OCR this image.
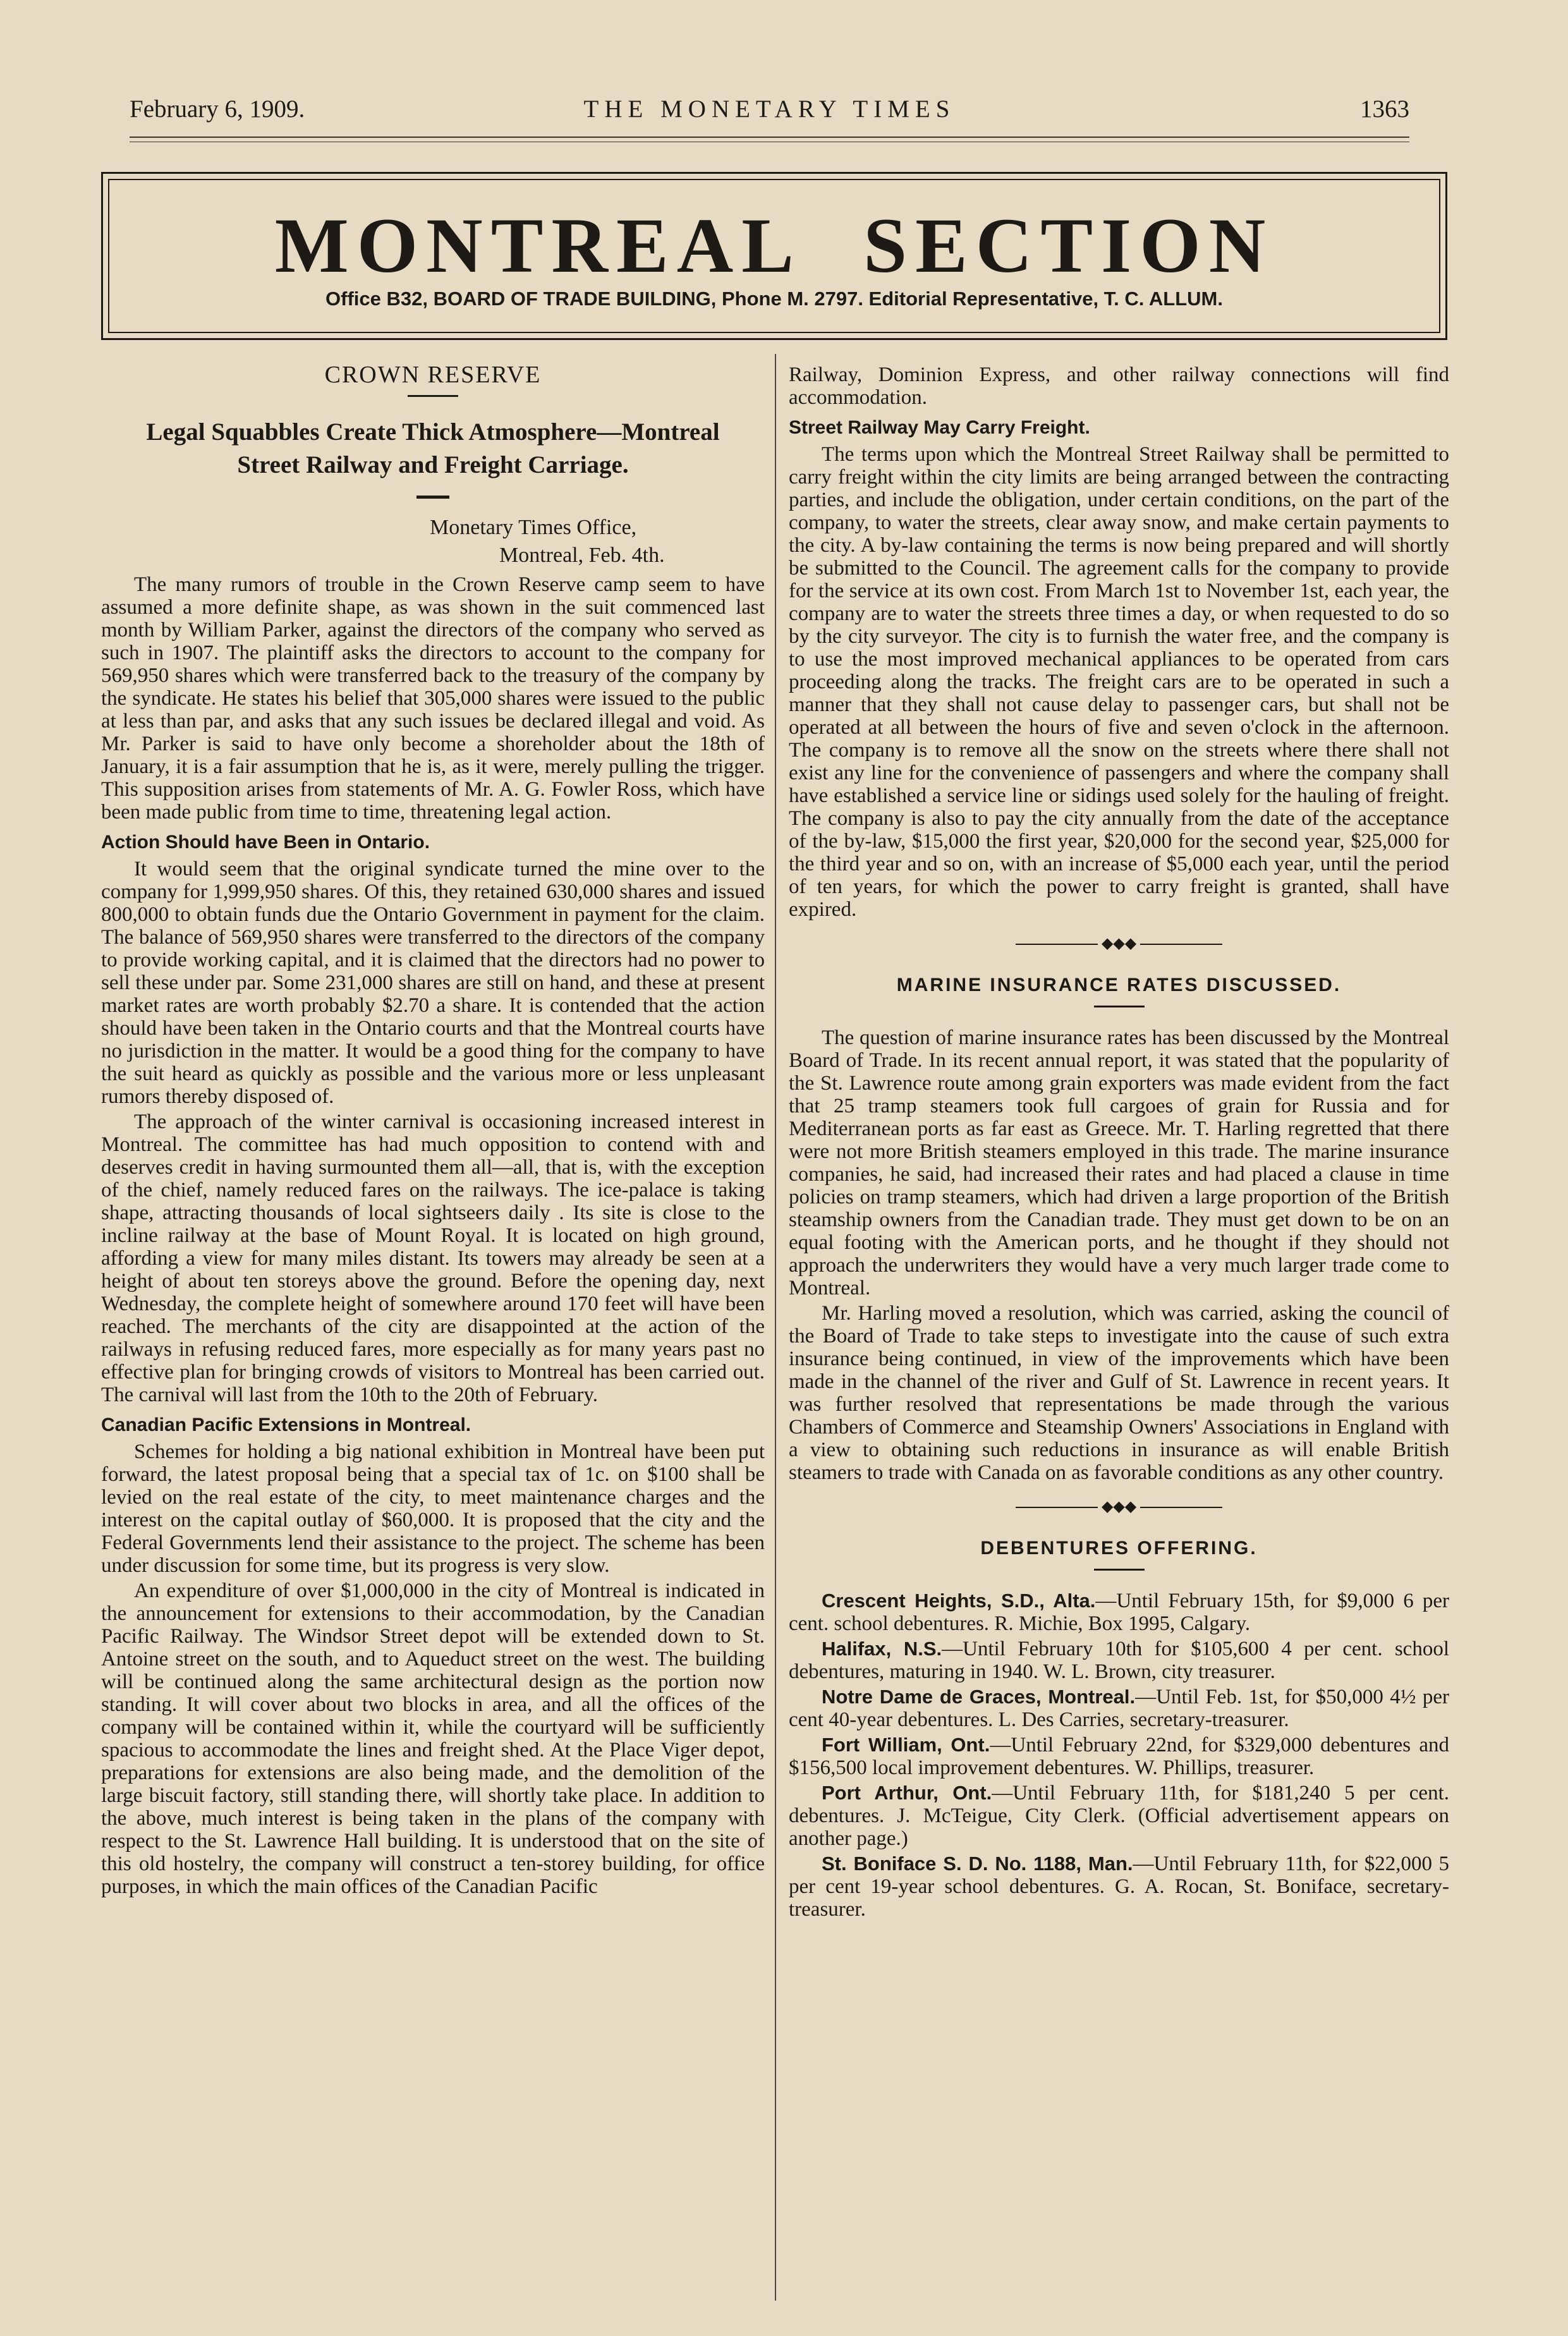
February 6, 1909.	THE MONETARY TIMES	1363
MONTREAL SECTION
Office B32, BOARD OF TRADE BUILDING, Phone M. 2797. Editorial Representative, T. C. ALLUM.
CROWN RESERVE
Legal Squabbles Create Thick Atmosphere—Montreal
Street Railway and Freight Carriage.
Monetary Times Office,
Montreal, Feb. 4th.

The many rumors of trouble in the Crown Reserve camp seem to have assumed a more definite shape, as was shown in the suit commenced last month by William Parker, against the directors of the company who served as such in 1907. The plaintiff asks the directors to account to the company for 569,950 shares which were transferred back to the treasury of the company by the syndicate. He states his belief that 305,000 shares were issued to the public at less than par, and asks that any such issues be declared illegal and void. As Mr. Parker is said to have only become a shoreholder about the 18th of January, it is a fair assumption that he is, as it were, merely pulling the trigger. This supposition arises from statements of Mr. A. G. Fowler Ross, which have been made public from time to time, threatening legal action.

Action Should have Been in Ontario.

It would seem that the original syndicate turned the mine over to the company for 1,999,950 shares. Of this, they retained 630,000 shares and issued 800,000 to obtain funds due the Ontario Government in payment for the claim. The balance of 569,950 shares were transferred to the directors of the company to provide working capital, and it is claimed that the directors had no power to sell these under par. Some 231,000 shares are still on hand, and these at present market rates are worth probably $2.70 a share. It is contended that the action should have been taken in the Ontario courts and that the Montreal courts have no jurisdiction in the matter. It would be a good thing for the company to have the suit heard as quickly as possible and the various more or less unpleasant rumors thereby disposed of.

The approach of the winter carnival is occasioning increased interest in Montreal. The committee has had much opposition to contend with and deserves credit in having surmounted them all—all, that is, with the exception of the chief, namely reduced fares on the railways. The ice-palace is taking shape, attracting thousands of local sightseers daily . Its site is close to the incline railway at the base of Mount Royal. It is located on high ground, affording a view for many miles distant. Its towers may already be seen at a height of about ten storeys above the ground. Before the opening day, next Wednesday, the complete height of somewhere around 170 feet will have been reached. The merchants of the city are disappointed at the action of the railways in refusing reduced fares, more especially as for many years past no effective plan for bringing crowds of visitors to Montreal has been carried out. The carnival will last from the 10th to the 20th of February.

Canadian Pacific Extensions in Montreal.

Schemes for holding a big national exhibition in Montreal have been put forward, the latest proposal being that a special tax of 1c. on $100 shall be levied on the real estate of the city, to meet maintenance charges and the interest on the capital outlay of $60,000. It is proposed that the city and the Federal Governments lend their assistance to the project. The scheme has been under discussion for some time, but its progress is very slow.

An expenditure of over $1,000,000 in the city of Montreal is indicated in the announcement for extensions to their accommodation, by the Canadian Pacific Railway. The Windsor Street depot will be extended down to St. Antoine street on the south, and to Aqueduct street on the west. The building will be continued along the same architectural design as the portion now standing. It will cover about two blocks in area, and all the offices of the company will be contained within it, while the courtyard will be sufficiently spacious to accommodate the lines and freight shed. At the Place Viger depot, preparations for extensions are also being made, and the demolition of the large biscuit factory, still standing there, will shortly take place. In addition to the above, much interest is being taken in the plans of the company with respect to the St. Lawrence Hall building. It is understood that on the site of this old hostelry, the company will construct a ten-storey building, for office purposes, in which the main offices of the Canadian Pacific

Railway, Dominion Express, and other railway connections will find accommodation.

Street Railway May Carry Freight.

The terms upon which the Montreal Street Railway shall be permitted to carry freight within the city limits are being arranged between the contracting parties, and include the obligation, under certain conditions, on the part of the company, to water the streets, clear away snow, and make certain payments to the city. A by-law containing the terms is now being prepared and will shortly be submitted to the Council. The agreement calls for the company to provide for the service at its own cost. From March 1st to November 1st, each year, the company are to water the streets three times a day, or when requested to do so by the city surveyor. The city is to furnish the water free, and the company is to use the most improved mechanical appliances to be operated from cars proceeding along the tracks. The freight cars are to be operated in such a manner that they shall not cause delay to passenger cars, but shall not be operated at all between the hours of five and seven o'clock in the afternoon. The company is to remove all the snow on the streets where there shall not exist any line for the convenience of passengers and where the company shall have established a service line or sidings used solely for the hauling of freight. The company is also to pay the city annually from the date of the acceptance of the by-law, $15,000 the first year, $20,000 for the second year, $25,000 for the third year and so on, with an increase of $5,000 each year, until the period of ten years, for which the power to carry freight is granted, shall have expired.

◆◆◆
MARINE INSURANCE RATES DISCUSSED.

The question of marine insurance rates has been discussed by the Montreal Board of Trade. In its recent annual report, it was stated that the popularity of the St. Lawrence route among grain exporters was made evident from the fact that 25 tramp steamers took full cargoes of grain for Russia and for Mediterranean ports as far east as Greece. Mr. T. Harling regretted that there were not more British steamers employed in this trade. The marine insurance companies, he said, had increased their rates and had placed a clause in time policies on tramp steamers, which had driven a large proportion of the British steamship owners from the Canadian trade. They must get down to be on an equal footing with the American ports, and he thought if they should not approach the underwriters they would have a very much larger trade come to Montreal.

Mr. Harling moved a resolution, which was carried, asking the council of the Board of Trade to take steps to investigate into the cause of such extra insurance being continued, in view of the improvements which have been made in the channel of the river and Gulf of St. Lawrence in recent years. It was further resolved that representations be made through the various Chambers of Commerce and Steamship Owners' Associations in England with a view to obtaining such reductions in insurance as will enable British steamers to trade with Canada on as favorable conditions as any other country.

◆◆◆
DEBENTURES OFFERING.

Crescent Heights, S.D., Alta.—Until February 15th, for $9,000 6 per cent. school debentures. R. Michie, Box 1995, Calgary.

Halifax, N.S.—Until February 10th for $105,600 4 per cent. school debentures, maturing in 1940. W. L. Brown, city treasurer.

Notre Dame de Graces, Montreal.—Until Feb. 1st, for $50,000 4½ per cent 40-year debentures. L. Des Carries, secretary-treasurer.

Fort William, Ont.—Until February 22nd, for $329,000 debentures and $156,500 local improvement debentures. W. Phillips, treasurer.

Port Arthur, Ont.—Until February 11th, for $181,240 5 per cent. debentures. J. McTeigue, City Clerk. (Official advertisement appears on another page.)

St. Boniface S. D. No. 1188, Man.—Until February 11th, for $22,000 5 per cent 19-year school debentures. G. A. Rocan, St. Boniface, secretary-treasurer.
